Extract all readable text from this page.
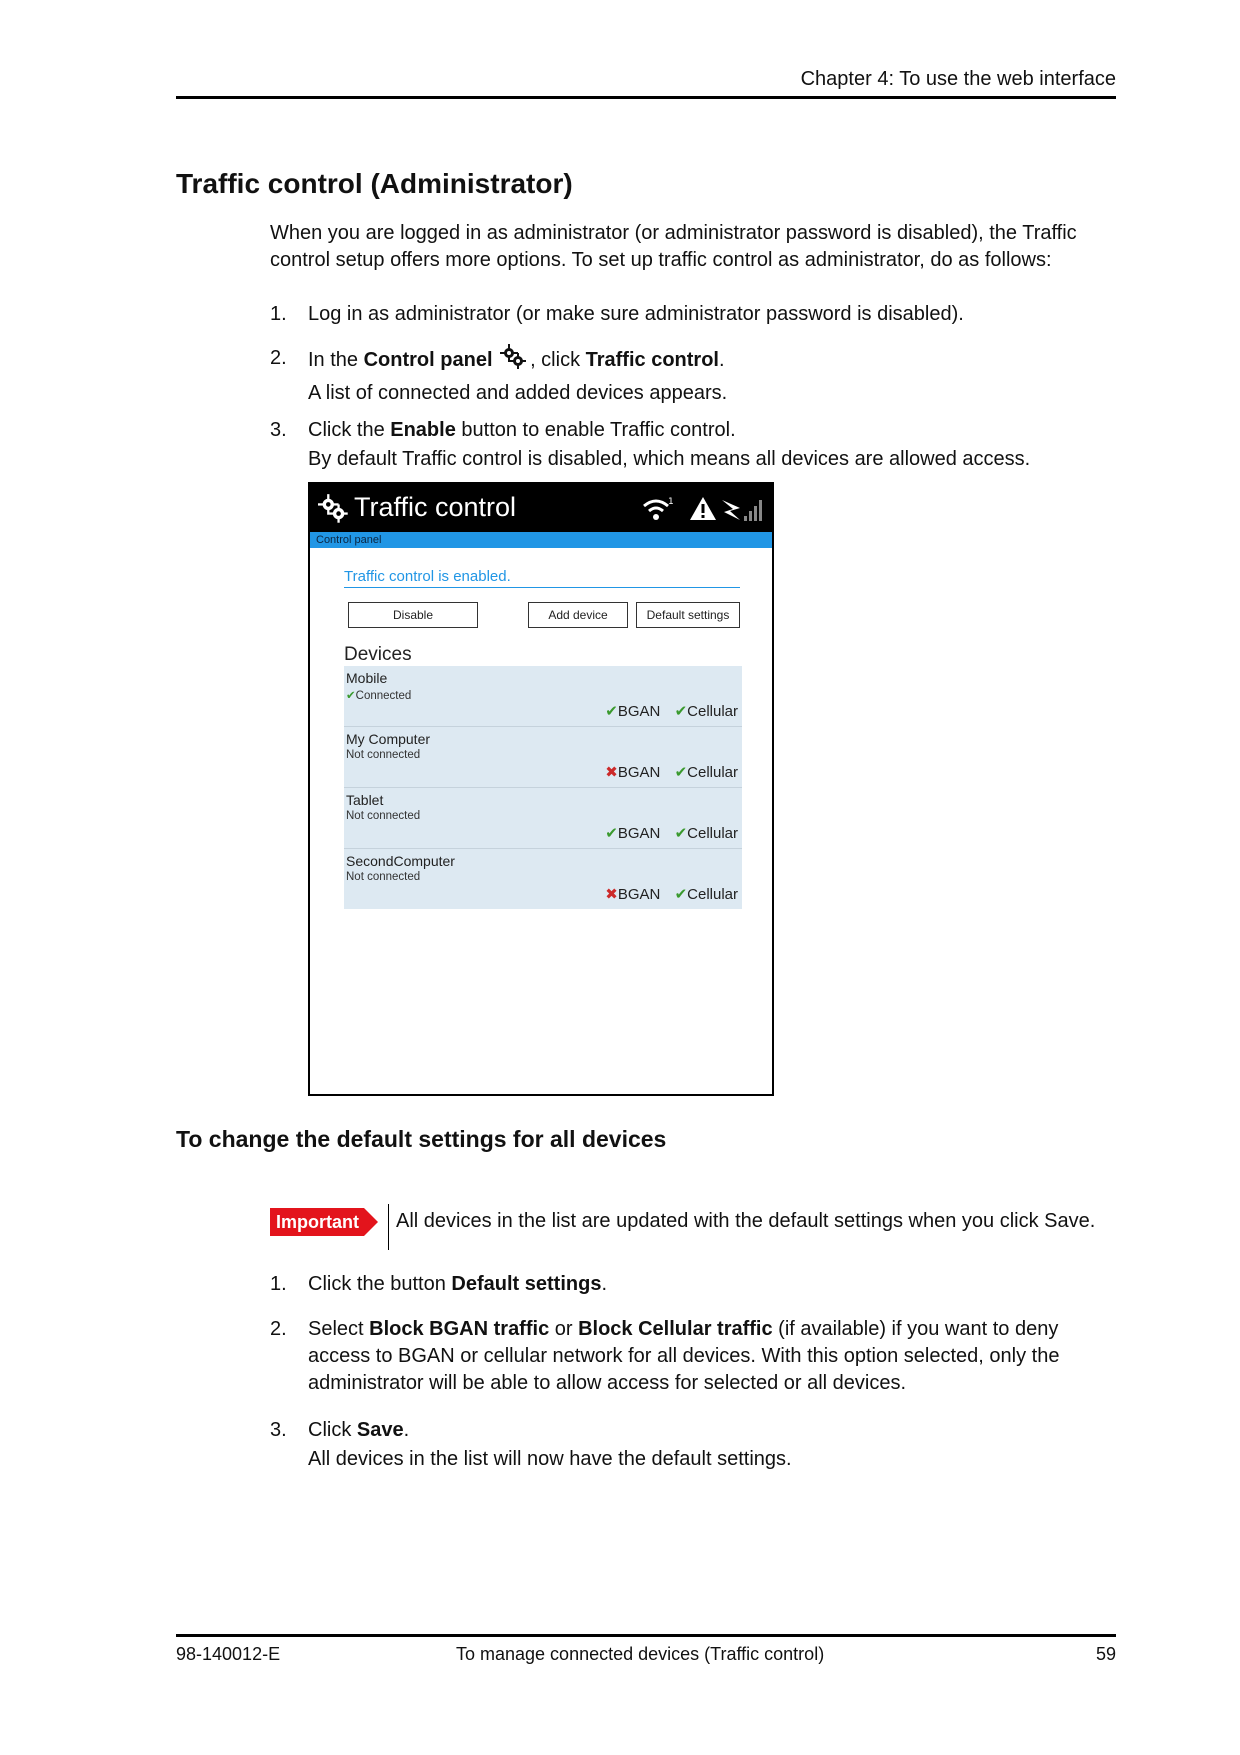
Chapter 4: To use the web interface
Traffic control (Administrator)
When you are logged in as administrator (or administrator password is disabled), the Traffic control setup offers more options. To set up traffic control as administrator, do as follows:
1. Log in as administrator (or make sure administrator password is disabled).
2. In the Control panel , click Traffic control.
A list of connected and added devices appears.
3. Click the Enable button to enable Traffic control.
By default Traffic control is disabled, which means all devices are allowed access.
Traffic control	1
Control panel
Traffic control is enabled.
Disable	Add device	Default settings
Devices
Mobile
✔Connected
✔BGAN ✔Cellular
My Computer
Not connected
✖BGAN ✔Cellular
Tablet
Not connected
✔BGAN ✔Cellular
SecondComputer
Not connected
✖BGAN ✔Cellular
To change the default settings for all devices
Important All devices in the list are updated with the default settings when you click Save.
1. Click the button Default settings.
2. Select Block BGAN traffic or Block Cellular traffic (if available) if you want to deny access to BGAN or cellular network for all devices. With this option selected, only the administrator will be able to allow access for selected or all devices.
3. Click Save.
All devices in the list will now have the default settings.
98-140012-E	To manage connected devices (Traffic control)	59
